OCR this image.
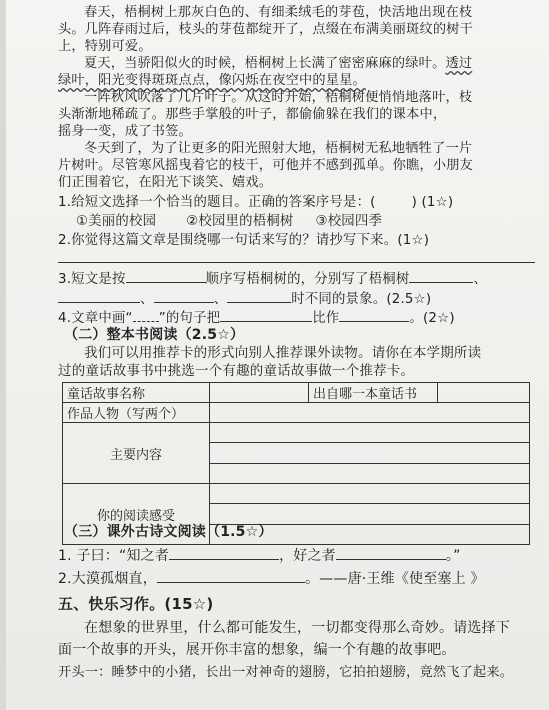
春天，梧桐树上那灰白色的、有细柔绒毛的芽苞，快活地出现在枝
头。几阵春雨过后，枝头的芽苞都绽开了，点缀在布满美丽斑纹的树干
上，特别可爱。
夏天，当骄阳似火的时候，梧桐树上长满了密密麻麻的绿叶。透过
绿叶，阳光变得斑斑点点，像闪烁在夜空中的星星。
一阵秋风吹落了几片叶子。从这时开始，梧桐树便悄悄地落叶，枝
头渐渐地稀疏了。那些手掌般的叶子，都偷偷躲在我们的课本中，
摇身一变，成了书签。
冬天到了，为了让更多的阳光照射大地，梧桐树无私地牺牲了一片
片树叶。尽管寒风摇曳着它的枝干，可他并不感到孤单。你瞧，小朋友
们正围着它，在阳光下谈笑、嬉戏。
1.给短文选择一个恰当的题目。正确的答案序号是：(	) (1☆)
①美丽的校园 ②校园里的梧桐树 ③校园四季
2.你觉得这篇文章是围绕哪一句话来写的？请抄写下来。(1☆)
3.短文是按	顺序写梧桐树的，分别写了梧桐树	、
、	、	时不同的景象。(2.5☆)
4.文章中画“ ”的句子把	比作	。(2☆)
（二）整本书阅读（2.5☆）
我们可以用推荐卡的形式向别人推荐课外读物。请你在本学期所读
过的童话故事书中挑选一个有趣的童话故事做一个推荐卡。
童话故事名称		出自哪一本童话书	
作品人物（写两个）			
主要内容			

你的阅读感受			

（三）课外古诗文阅读（1.5☆）
1. 子曰：“知之者	，好之者	。”
2.大漠孤烟直，	。——唐·王维《使至塞上 》
五、快乐习作。(15☆)
在想象的世界里，什么都可能发生，一切都变得那么奇妙。请选择下
面一个故事的开头，展开你丰富的想象，编一个有趣的故事吧。
开头一：睡梦中的小猪，长出一对神奇的翅膀，它拍拍翅膀，竟然飞了起来。
